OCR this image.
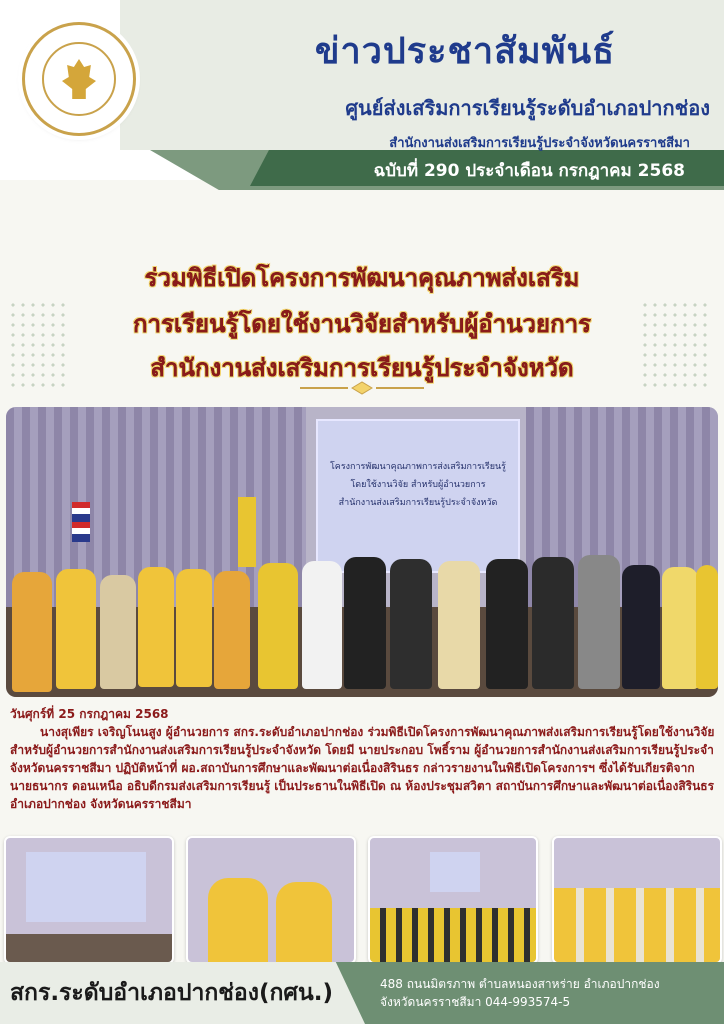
ข่าวประชาสัมพันธ์
ศูนย์ส่งเสริมการเรียนรู้ระดับอำเภอปากช่อง
สำนักงานส่งเสริมการเรียนรู้ประจำจังหวัดนครราชสีมา
ฉบับที่ 290 ประจำเดือน กรกฎาคม 2568
ร่วมพิธีเปิดโครงการพัฒนาคุณภาพส่งเสริม
การเรียนรู้โดยใช้งานวิจัยสำหรับผู้อำนวยการ
สำนักงานส่งเสริมการเรียนรู้ประจำจังหวัด
โครงการพัฒนาคุณภาพการส่งเสริมการเรียนรู้
โดยใช้งานวิจัย สำหรับผู้อำนวยการ
สำนักงานส่งเสริมการเรียนรู้ประจำจังหวัด
วันศุกร์ที่ 25 กรกฎาคม 2568
นางสุเพียร เจริญโนนสูง ผู้อำนวยการ สกร.ระดับอำเภอปากช่อง ร่วมพิธีเปิดโครงการพัฒนาคุณภาพส่งเสริมการเรียนรู้โดยใช้งานวิจัย สำหรับผู้อำนวยการสำนักงานส่งเสริมการเรียนรู้ประจำจังหวัด โดยมี นายประกอบ โพธิ์ราม ผู้อำนวยการสำนักงานส่งเสริมการเรียนรู้ประจำจังหวัดนครราชสีมา ปฏิบัติหน้าที่ ผอ.สถาบันการศึกษาและพัฒนาต่อเนื่องสิรินธร กล่าวรายงานในพิธีเปิดโครงการฯ ซึ่งได้รับเกียรติจาก นายธนากร ดอนเหนือ อธิบดีกรมส่งเสริมการเรียนรู้ เป็นประธานในพิธีเปิด ณ ห้องประชุมสวิตา สถาบันการศึกษาและพัฒนาต่อเนื่องสิรินธร อำเภอปากช่อง จังหวัดนครราชสีมา
สกร.ระดับอำเภอปากช่อง(กศน.)	488 ถนนมิตรภาพ ตำบลหนองสาหร่าย อำเภอปากช่อง
จังหวัดนครราชสีมา 044-993574-5
